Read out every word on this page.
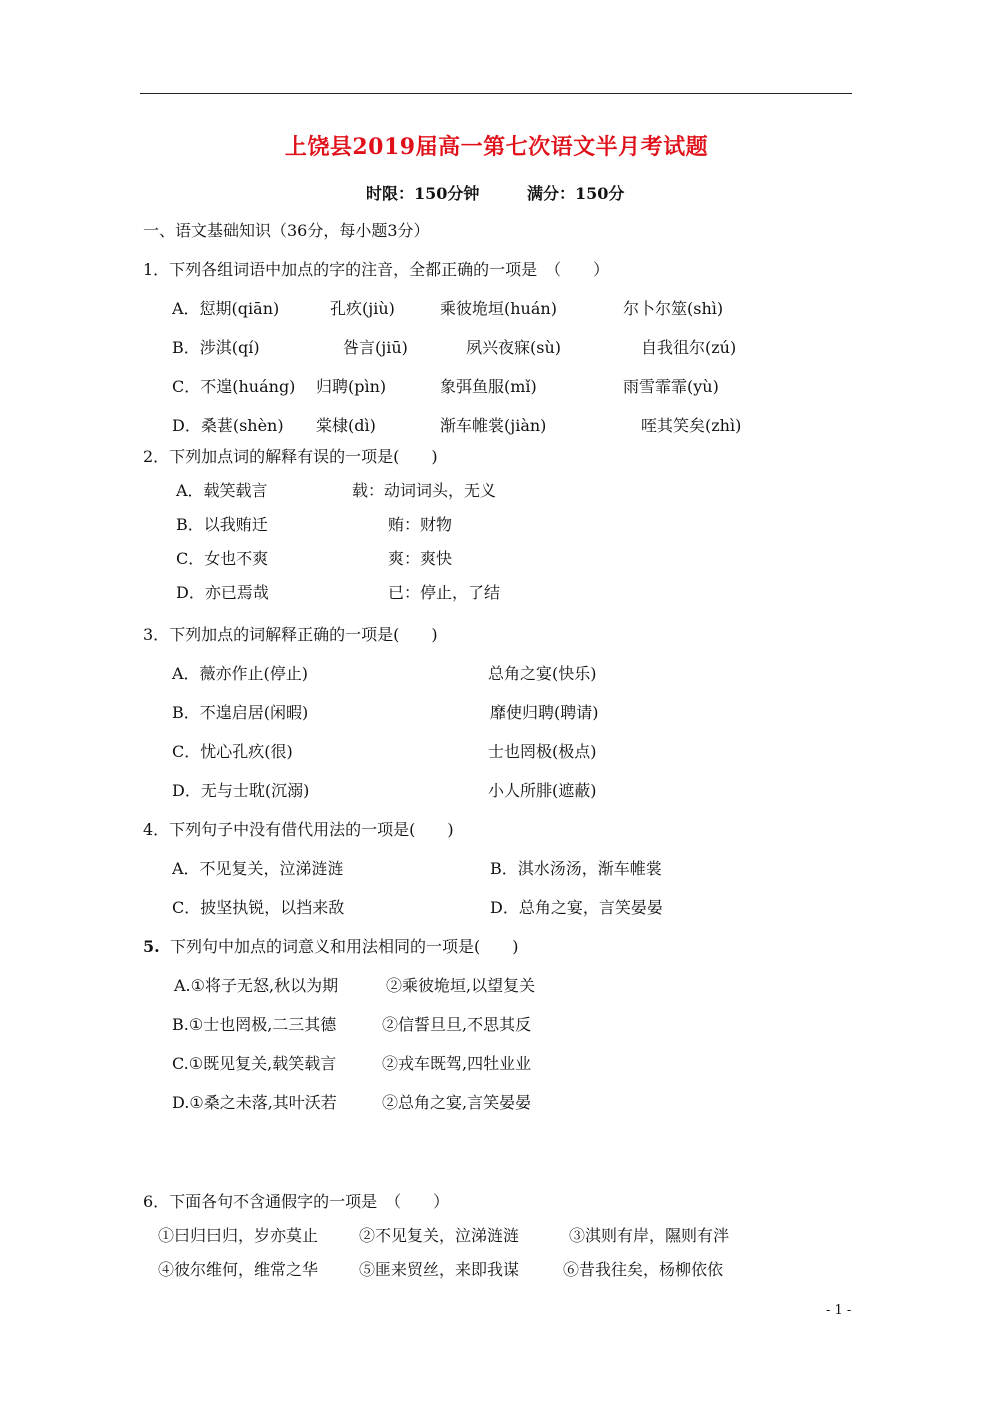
上饶县2019届高一第七次语文半月考试题
时限：150分钟	满分：150分
一、语文基础知识（36分，每小题3分）
1．下列各组词语中加点的字的注音，全都正确的一项是　（　　）
A．愆期(qiān)	孔疚(jiù)	乘彼垝垣(huán)	尔卜尔筮(shì)
B．涉淇(qí)	咎言(jiū)	夙兴夜寐(sù)	自我徂尔(zú)
C．不遑(huáng) 归聘(pìn)	象弭鱼服(mǐ)	雨雪霏霏(yù)
D．桑葚(shèn) 棠棣(dì)	渐车帷裳(jiàn)	咥其笑矣(zhì)
2．下列加点词的解释有误的一项是(　　)
A．载笑载言	载：动词词头，无义
B．以我贿迁	贿：财物
C．女也不爽	爽：爽快
D．亦已焉哉	已：停止，了结
3．下列加点的词解释正确的一项是(　　)
A．薇亦作止(停止)	总角之宴(快乐)
B．不遑启居(闲暇)	靡使归聘(聘请)
C．忧心孔疚(很)	士也罔极(极点)
D．无与士耽(沉溺)	小人所腓(遮蔽)
4．下列句子中没有借代用法的一项是(　　)
A．不见复关，泣涕涟涟	B．淇水汤汤，渐车帷裳
C．披坚执锐，以挡来敌	D．总角之宴，言笑晏晏
5. 下列句中加点的词意义和用法相同的一项是(　　)
A.①将子无怒,秋以为期	②乘彼垝垣,以望复关
B.①士也罔极,二三其德	②信誓旦旦,不思其反
C.①既见复关,载笑载言	②戎车既驾,四牡业业
D.①桑之未落,其叶沃若	②总角之宴,言笑晏晏
6．下面各句不含通假字的一项是　（　　）
①曰归曰归，岁亦莫止	②不见复关，泣涕涟涟	③淇则有岸，隰则有泮
④彼尔维何，维常之华	⑤匪来贸丝，来即我谋	⑥昔我往矣，杨柳依依
- 1 -
